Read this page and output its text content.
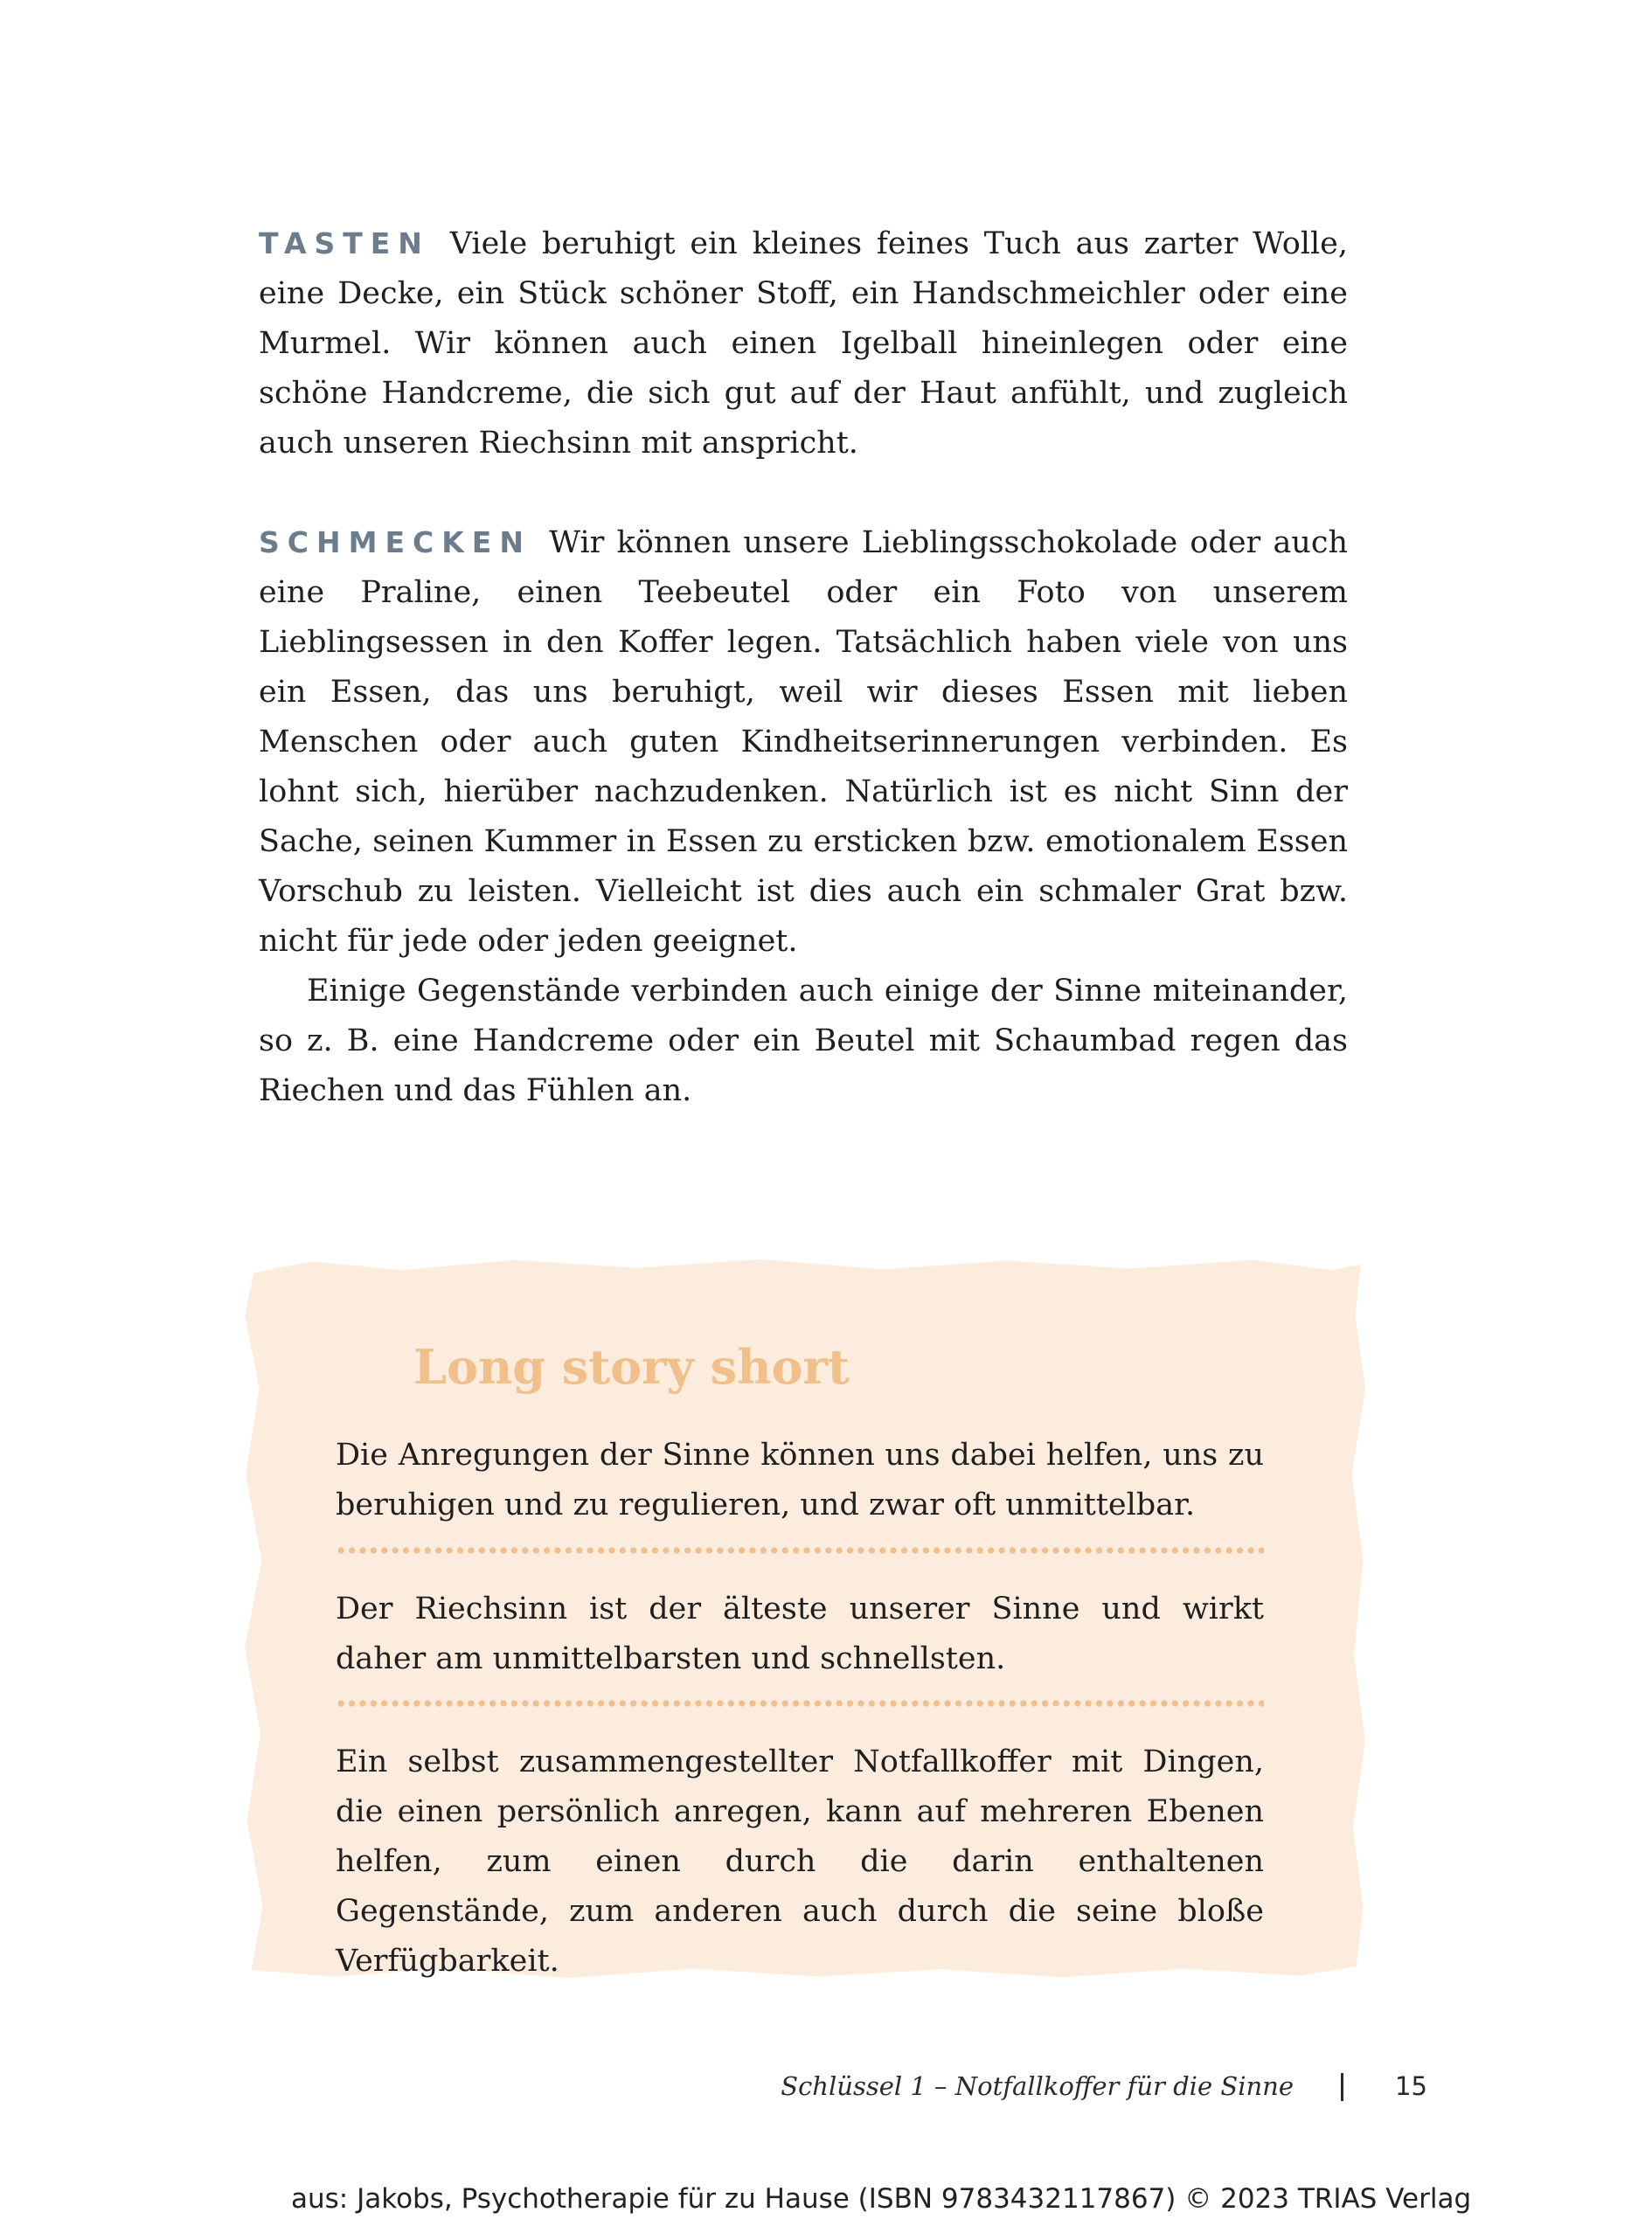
TASTEN Viele beruhigt ein kleines feines Tuch aus zarter Wolle, eine Decke, ein Stück schöner Stoff, ein Handschmeichler oder eine Murmel. Wir können auch einen Igelball hineinlegen oder eine schöne Handcreme, die sich gut auf der Haut anfühlt, und zugleich auch unseren Riechsinn mit anspricht.

SCHMECKEN Wir können unsere Lieblingsschokolade oder auch eine Praline, einen Teebeutel oder ein Foto von unserem Lieblingsessen in den Koffer legen. Tatsächlich haben viele von uns ein Essen, das uns beruhigt, weil wir dieses Essen mit lieben Menschen oder auch guten Kindheitserinnerungen verbinden. Es lohnt sich, hierüber nachzudenken. Natürlich ist es nicht Sinn der Sache, seinen Kummer in Essen zu ersticken bzw. emotionalem Essen Vorschub zu leisten. Vielleicht ist dies auch ein schmaler Grat bzw. nicht für jede oder jeden geeignet.

Einige Gegenstände verbinden auch einige der Sinne miteinander, so z. B. eine Handcreme oder ein Beutel mit Schaumbad regen das Riechen und das Fühlen an.

Long story short

Die Anregungen der Sinne können uns dabei helfen, uns zu beruhigen und zu regulieren, und zwar oft unmittelbar.

Der Riechsinn ist der älteste unserer Sinne und wirkt daher am unmittelbarsten und schnellsten.

Ein selbst zusammengestellter Notfallkoffer mit Dingen, die einen persönlich anregen, kann auf mehreren Ebenen helfen, zum einen durch die darin enthaltenen Gegenstände, zum anderen auch durch die seine bloße Verfügbarkeit.

Schlüssel 1 – Notfallkoffer für die Sinne	15

aus: Jakobs, Psychotherapie für zu Hause (ISBN 9783432117867) © 2023 TRIAS Verlag
